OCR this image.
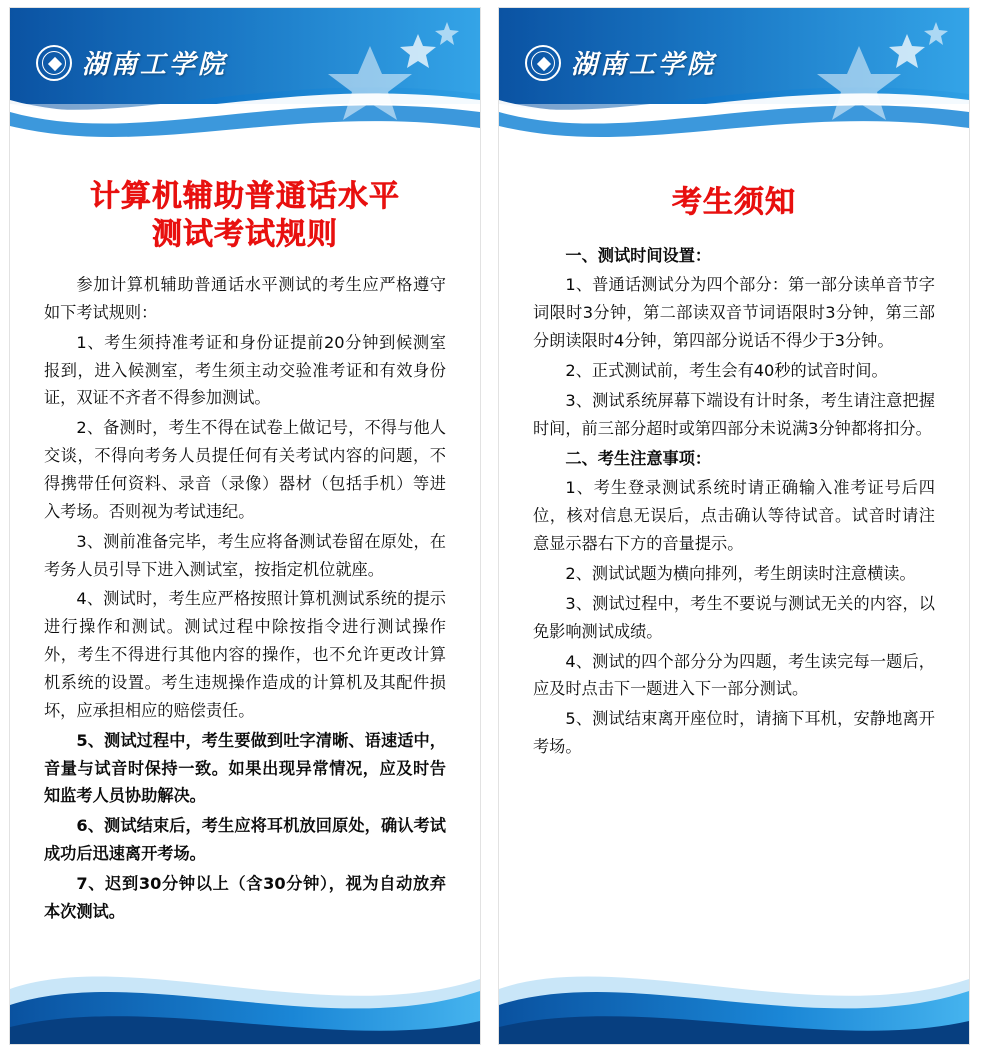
湖南工学院
计算机辅助普通话水平
测试考试规则

参加计算机辅助普通话水平测试的考生应严格遵守如下考试规则：

1、考生须持准考证和身份证提前20分钟到候测室报到，进入候测室，考生须主动交验准考证和有效身份证，双证不齐者不得参加测试。

2、备测时，考生不得在试卷上做记号，不得与他人交谈，不得向考务人员提任何有关考试内容的问题，不得携带任何资料、录音（录像）器材（包括手机）等进入考场。否则视为考试违纪。

3、测前准备完毕，考生应将备测试卷留在原处，在考务人员引导下进入测试室，按指定机位就座。

4、测试时，考生应严格按照计算机测试系统的提示进行操作和测试。测试过程中除按指令进行测试操作外，考生不得进行其他内容的操作，也不允许更改计算机系统的设置。考生违规操作造成的计算机及其配件损坏，应承担相应的赔偿责任。

5、测试过程中，考生要做到吐字清晰、语速适中，音量与试音时保持一致。如果出现异常情况，应及时告知监考人员协助解决。

6、测试结束后，考生应将耳机放回原处，确认考试成功后迅速离开考场。

7、迟到30分钟以上（含30分钟），视为自动放弃本次测试。

湖南工学院
考生须知

一、测试时间设置：

1、普通话测试分为四个部分：第一部分读单音节字词限时3分钟，第二部读双音节词语限时3分钟，第三部分朗读限时4分钟，第四部分说话不得少于3分钟。

2、正式测试前，考生会有40秒的试音时间。

3、测试系统屏幕下端设有计时条，考生请注意把握时间，前三部分超时或第四部分未说满3分钟都将扣分。

二、考生注意事项：

1、考生登录测试系统时请正确输入准考证号后四位，核对信息无误后，点击确认等待试音。试音时请注意显示器右下方的音量提示。

2、测试试题为横向排列，考生朗读时注意横读。

3、测试过程中，考生不要说与测试无关的内容，以免影响测试成绩。

4、测试的四个部分分为四题，考生读完每一题后，应及时点击下一题进入下一部分测试。

5、测试结束离开座位时，请摘下耳机，安静地离开考场。
